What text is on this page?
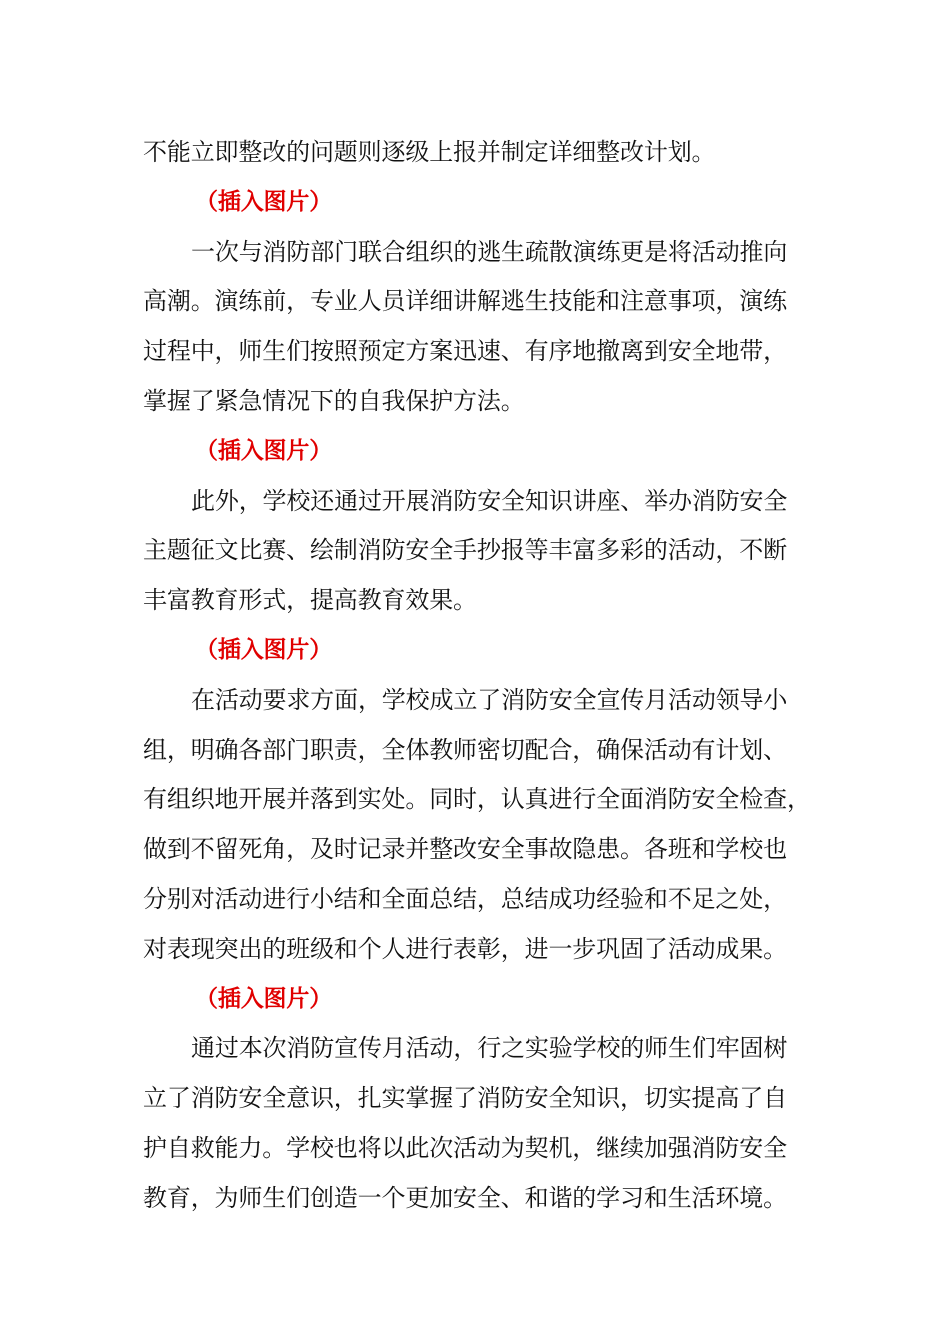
不能立即整改的问题则逐级上报并制定详细整改计划。
（插入图片）
一次与消防部门联合组织的逃生疏散演练更是将活动推向
高潮。演练前，专业人员详细讲解逃生技能和注意事项，演练
过程中，师生们按照预定方案迅速、有序地撤离到安全地带，
掌握了紧急情况下的自我保护方法。
（插入图片）
此外，学校还通过开展消防安全知识讲座、举办消防安全
主题征文比赛、绘制消防安全手抄报等丰富多彩的活动，不断
丰富教育形式，提高教育效果。
（插入图片）
在活动要求方面，学校成立了消防安全宣传月活动领导小
组，明确各部门职责，全体教师密切配合，确保活动有计划、
有组织地开展并落到实处。同时，认真进行全面消防安全检查，
做到不留死角，及时记录并整改安全事故隐患。各班和学校也
分别对活动进行小结和全面总结，总结成功经验和不足之处，
对表现突出的班级和个人进行表彰，进一步巩固了活动成果。
（插入图片）
通过本次消防宣传月活动，行之实验学校的师生们牢固树
立了消防安全意识，扎实掌握了消防安全知识，切实提高了自
护自救能力。学校也将以此次活动为契机，继续加强消防安全
教育，为师生们创造一个更加安全、和谐的学习和生活环境。
